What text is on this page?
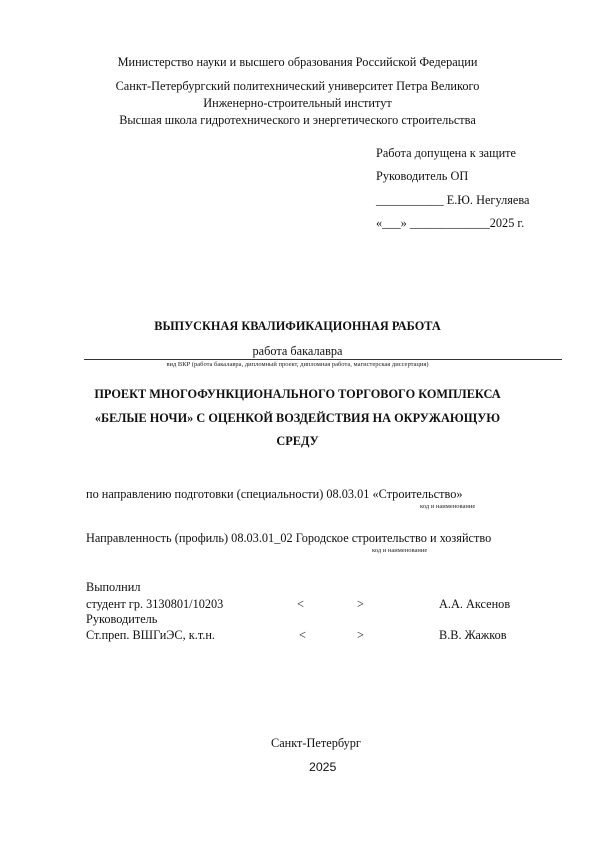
Министерство науки и высшего образования Российской Федерации
Санкт-Петербургский политехнический университет Петра Великого
Инженерно-строительный институт
Высшая школа гидротехнического и энергетического строительства
Работа допущена к защите
Руководитель ОП
___________ Е.Ю. Негуляева
«___» _____________2025 г.
ВЫПУСКНАЯ КВАЛИФИКАЦИОННАЯ РАБОТА
работа бакалавра
вид ВКР (работа бакалавра, дипломный проект, дипломная работа, магистерская диссертация)
ПРОЕКТ МНОГОФУНКЦИОНАЛЬНОГО ТОРГОВОГО КОМПЛЕКСА
«БЕЛЫЕ НОЧИ» С ОЦЕНКОЙ ВОЗДЕЙСТВИЯ НА ОКРУЖАЮЩУЮ
СРЕДУ
по направлению подготовки (специальности) 08.03.01 «Строительство»
код и наименование
Направленность (профиль) 08.03.01_02 Городское строительство и хозяйство
код и наименование
Выполнил
студент гр. 3130801/10203	<	>	А.А. Аксенов
Руководитель
Ст.преп. ВШГиЭС, к.т.н.	<	>	В.В. Жажков
Санкт-Петербург
2025
